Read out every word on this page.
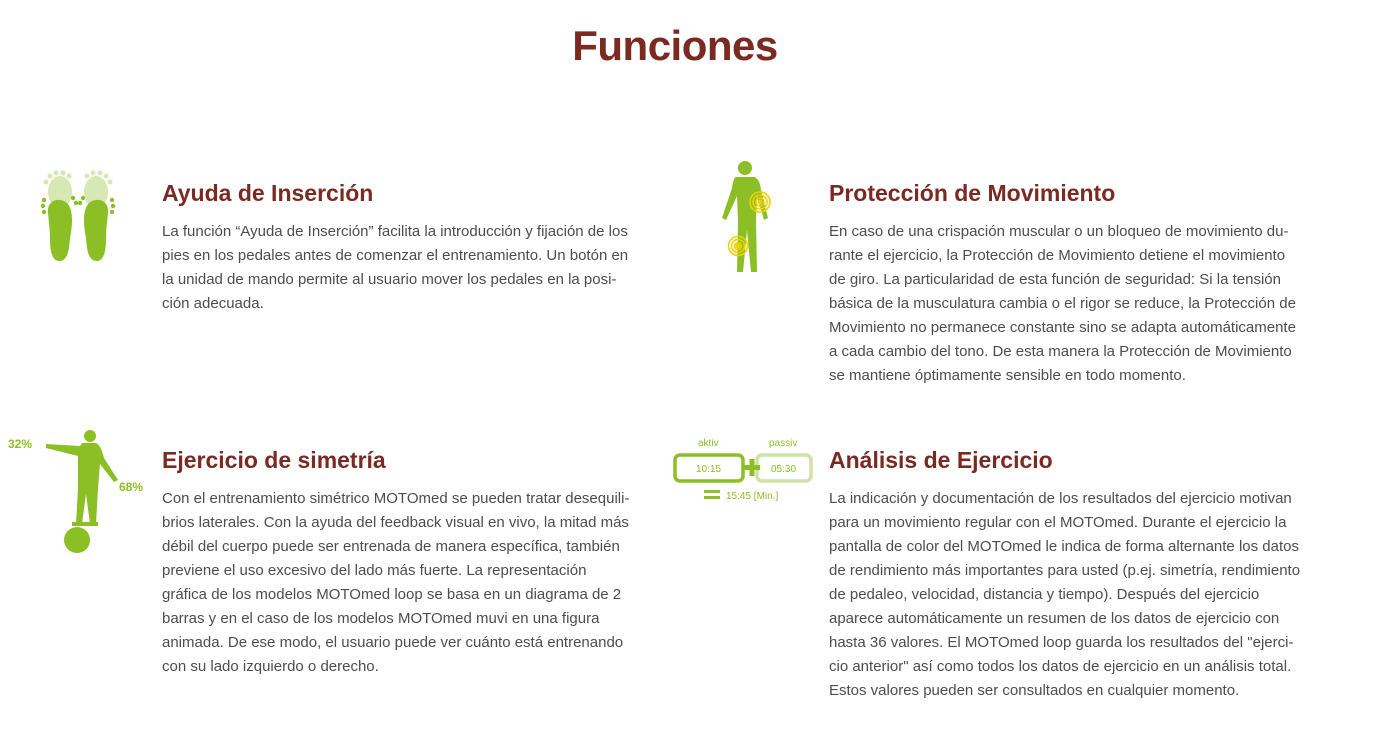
Funciones
Ayuda de Inserción

La función “Ayuda de Inserción” facilita la introducción y fijación de los pies en los pedales antes de comenzar el entrenamiento. Un botón en la unidad de mando permite al usuario mover los pedales en la posición adecuada.

Protección de Movimiento

En caso de una crispación muscular o un bloqueo de movimiento durante el ejercicio, la Protección de Movimiento detiene el movimiento de giro. La particularidad de esta función de seguridad: Si la tensión básica de la musculatura cambia o el rigor se reduce, la Protección de Movimiento no permanece constante sino se adapta automáticamente a cada cambio del tono. De esta manera la Protección de Movimiento se mantiene óptimamente sensible en todo momento.

32%
68%
Ejercicio de simetría

Con el entrenamiento simétrico MOTOmed se pueden tratar desequilibrios laterales. Con la ayuda del feedback visual en vivo, la mitad más débil del cuerpo puede ser entrenada de manera específica, también previene el uso excesivo del lado más fuerte. La representación gráfica de los modelos MOTOmed loop se basa en un diagrama de 2 barras y en el caso de los modelos MOTOmed muvi en una figura animada. De ese modo, el usuario puede ver cuánto está entrenando con su lado izquierdo o derecho.

aktiv	passiv
10:15	05:30
15:45 [Min.]
Análisis de Ejercicio

La indicación y documentación de los resultados del ejercicio motivan para un movimiento regular con el MOTOmed. Durante el ejercicio la pantalla de color del MOTOmed le indica de forma alternante los datos de rendimiento más importantes para usted (p.ej. simetría, rendimiento de pedaleo, velocidad, distancia y tiempo). Después del ejercicio aparece automáticamente un resumen de los datos de ejercicio con hasta 36 valores. El MOTOmed loop guarda los resultados del "ejercicio anterior" así como todos los datos de ejercicio en un análisis total. Estos valores pueden ser consultados en cualquier momento.
